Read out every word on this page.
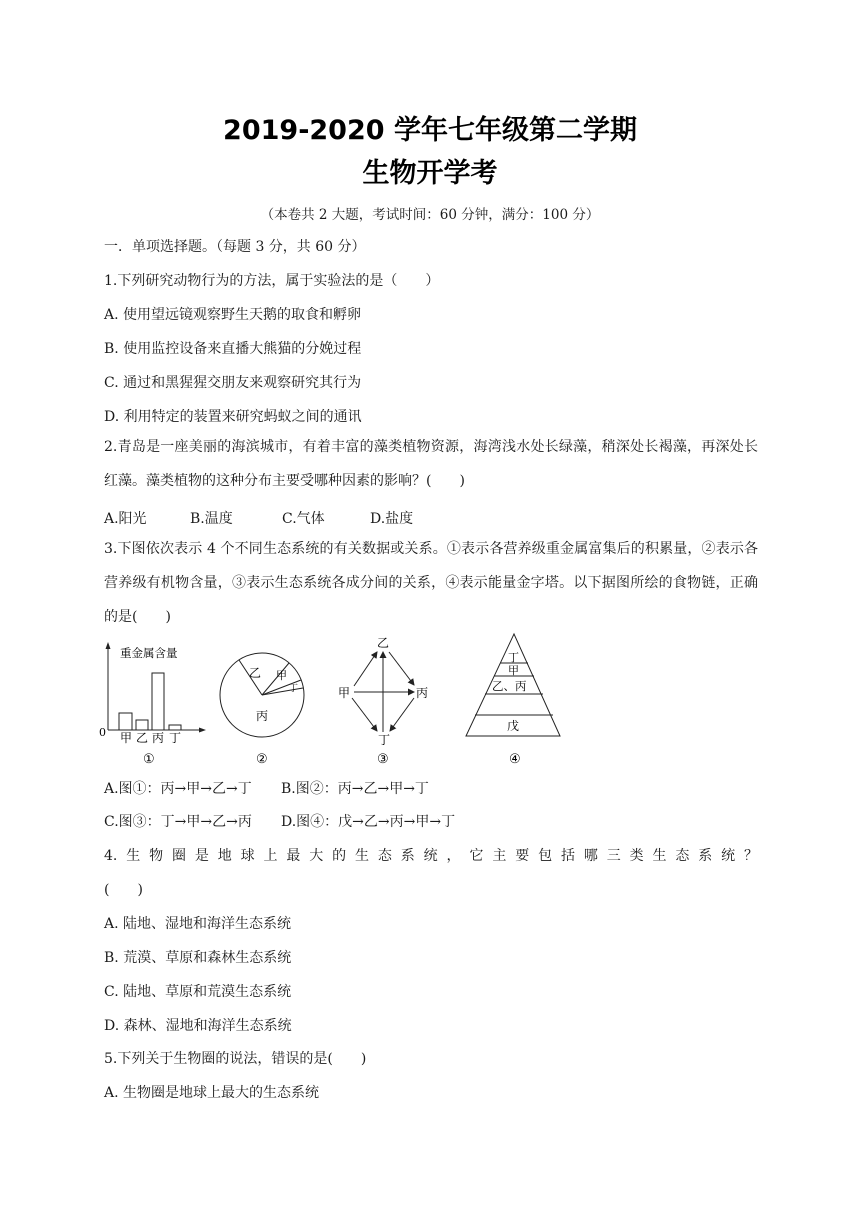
2019-2020 学年七年级第二学期
生物开学考
（本卷共 2 大题，考试时间：60 分钟，满分：100 分）
一．单项选择题。（每题 3 分，共 60 分）
1.下列研究动物行为的方法，属于实验法的是（　　）
A. 使用望远镜观察野生天鹅的取食和孵卵
B. 使用监控设备来直播大熊猫的分娩过程
C. 通过和黑猩猩交朋友来观察研究其行为
D. 利用特定的装置来研究蚂蚁之间的通讯
2.青岛是一座美丽的海滨城市，有着丰富的藻类植物资源，海湾浅水处长绿藻，稍深处长褐藻，再深处长红藻。藻类植物的这种分布主要受哪种因素的影响？(　　)
A.阳光	B.温度	C.气体	D.盐度
3.下图依次表示 4 个不同生态系统的有关数据或关系。①表示各营养级重金属富集后的积累量，②表示各营养级有机物含量，③表示生态系统各成分间的关系，④表示能量金字塔。以下据图所绘的食物链，正确的是(　　)
重金属含量
0 甲 乙 丙 丁
①
乙 甲
丁
丙
②
乙
甲	丙
丁
③
丁
甲
乙、丙
戊
④
A.图①：丙→甲→乙→丁 B.图②：丙→乙→甲→丁
C.图③：丁→甲→乙→丙 D.图④：戊→乙→丙→甲→丁
4.生物圈是地球上最大的生态系统，它主要包括哪三类生态系统？
(　　)
A. 陆地、湿地和海洋生态系统
B. 荒漠、草原和森林生态系统
C. 陆地、草原和荒漠生态系统
D. 森林、湿地和海洋生态系统
5.下列关于生物圈的说法，错误的是(　　)
A. 生物圈是地球上最大的生态系统
